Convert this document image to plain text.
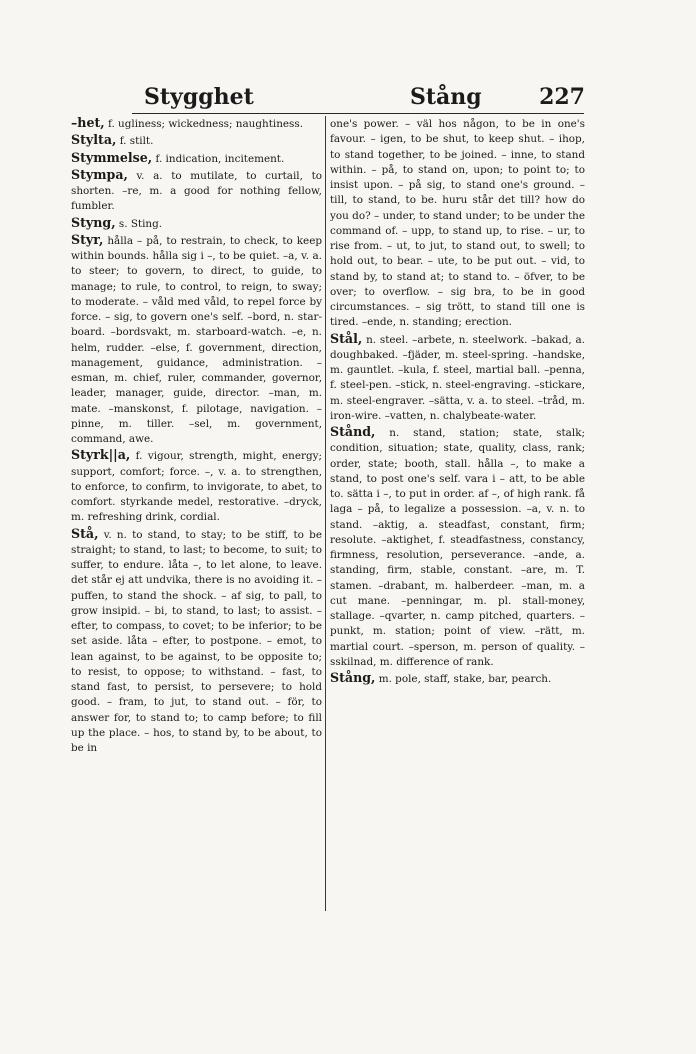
Stygghet	Stång	227

–het, f. ugliness; wickedness; naughtiness.

Stylta, f. stilt.

Stymmelse, f. indication, incitement.

Stympa, v. a. to mutilate, to curtail, to shorten. –re, m. a good for nothing fellow, fumbler.

Styng, s. Sting.

Styr, hålla – på, to restrain, to check, to keep within bounds. hålla sig i –, to be quiet. –a, v. a. to steer; to govern, to direct, to guide, to manage; to rule, to control, to reign, to sway; to moderate. – våld med våld, to repel force by force. – sig, to govern one's self. –bord, n. star-board. –bordsvakt, m. starboard-watch. –e, n. helm, rudder. –else, f. government, direction, management, guidance, administration. –esman, m. chief, ruler, commander, governor, leader, manager, guide, director. –man, m. mate. –manskonst, f. pilotage, navigation. –pinne, m. tiller. –sel, m. government, command, awe.

Styrk||a, f. vigour, strength, might, energy; support, comfort; force. –, v. a. to strengthen, to enforce, to confirm, to invigorate, to abet, to comfort. styrkande medel, restorative. –dryck, m. refreshing drink, cordial.

Stå, v. n. to stand, to stay; to be stiff, to be straight; to stand, to last; to become, to suit; to suffer, to endure. låta –, to let alone, to leave. det står ej att undvika, there is no avoiding it. – puffen, to stand the shock. – af sig, to pall, to grow insipid. – bi, to stand, to last; to assist. – efter, to compass, to covet; to be inferior; to be set aside. låta – efter, to postpone. – emot, to lean against, to be against, to be opposite to; to resist, to oppose; to withstand. – fast, to stand fast, to persist, to persevere; to hold good. – fram, to jut, to stand out. – för, to answer for, to stand to; to camp before; to fill up the place. – hos, to stand by, to be about, to be in

one's power. – väl hos någon, to be in one's favour. – igen, to be shut, to keep shut. – ihop, to stand together, to be joined. – inne, to stand within. – på, to stand on, upon; to point to; to insist upon. – på sig, to stand one's ground. – till, to stand, to be. huru står det till? how do you do? – under, to stand under; to be under the command of. – upp, to stand up, to rise. – ur, to rise from. – ut, to jut, to stand out, to swell; to hold out, to bear. – ute, to be put out. – vid, to stand by, to stand at; to stand to. – öfver, to be over; to overflow. – sig bra, to be in good circumstances. – sig trött, to stand till one is tired. –ende, n. standing; erection.

Stål, n. steel. –arbete, n. steelwork. –bakad, a. doughbaked. –fjäder, m. steel-spring. –handske, m. gauntlet. –kula, f. steel, martial ball. –penna, f. steel-pen. –stick, n. steel-engraving. –stickare, m. steel-engraver. –sätta, v. a. to steel. –tråd, m. iron-wire. –vatten, n. chalybeate-water.

Stånd, n. stand, station; state, stalk; condition, situation; state, quality, class, rank; order, state; booth, stall. hålla –, to make a stand, to post one's self. vara i – att, to be able to. sätta i –, to put in order. af –, of high rank. få laga – på, to legalize a possession. –a, v. n. to stand. –aktig, a. steadfast, constant, firm; resolute. –aktighet, f. steadfastness, constancy, firmness, resolution, perseverance. –ande, a. standing, firm, stable, constant. –are, m. T. stamen. –drabant, m. halberdeer. –man, m. a cut mane. –penningar, m. pl. stall-money, stallage. –qvarter, n. camp pitched, quarters. –punkt, m. station; point of view. –rätt, m. martial court. –sperson, m. person of quality. –sskilnad, m. difference of rank.

Stång, m. pole, staff, stake, bar, pearch.
